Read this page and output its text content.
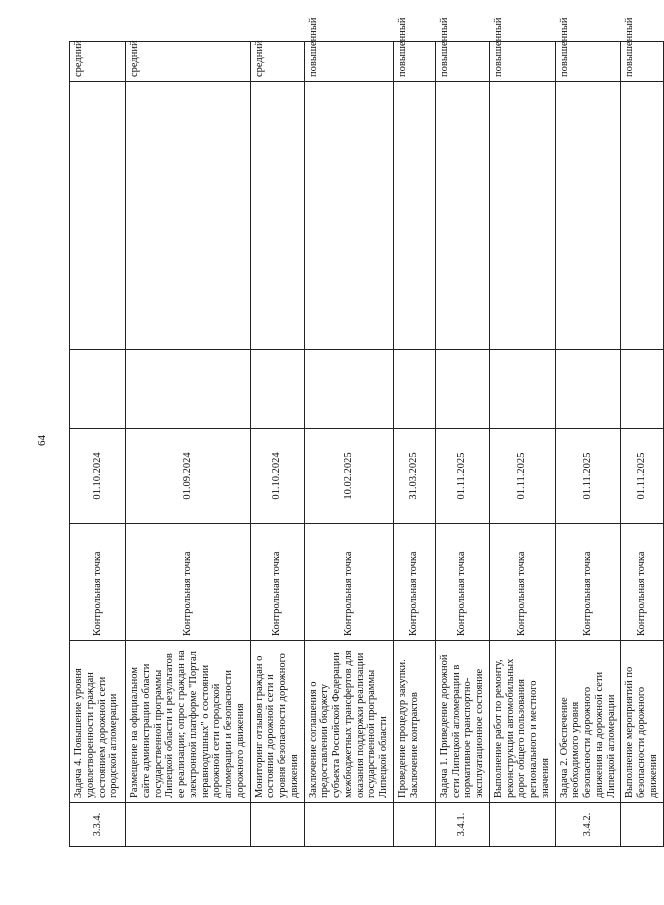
64
3.3.4.	Задача 4. Повышение уровня удовлетворенности граждан состоянием дорожной сети городской агломерации	Контрольная точка	01.10.2024			средний
	Размещение на официальном сайте администрации области государственной программы Липецкой области и результатов ее реализации; опрос граждан на электронной платформе "Портал неравнодушных" о состоянии дорожной сети городской агломерации и безопасности дорожного движения	Контрольная точка	01.09.2024			средний
	Мониторинг отзывов граждан о состоянии дорожной сети и уровня безопасности дорожного движения	Контрольная точка	01.10.2024			средний
	Заключение соглашения о предоставлении бюджету субъекта Российской Федерации межбюджетных трансфертов для оказания поддержки реализации государственной программы Липецкой области	Контрольная точка	10.02.2025			повышенный
	Проведение процедур закупки. Заключение контрактов	Контрольная точка	31.03.2025			повышенный
3.4.1.	Задача 1. Приведение дорожной сети Липецкой агломерации в нормативное транспортно-эксплуатационное состояние	Контрольная точка	01.11.2025			повышенный
	Выполнение работ по ремонту, реконструкции автомобильных дорог общего пользования регионального и местного значения	Контрольная точка	01.11.2025			повышенный
3.4.2.	Задача 2. Обеспечение необходимого уровня безопасности дорожного движения на дорожной сети Липецкой агломерации	Контрольная точка	01.11.2025			повышенный
	Выполнение мероприятий по безопасности дорожного движения	Контрольная точка	01.11.2025			повышенный
